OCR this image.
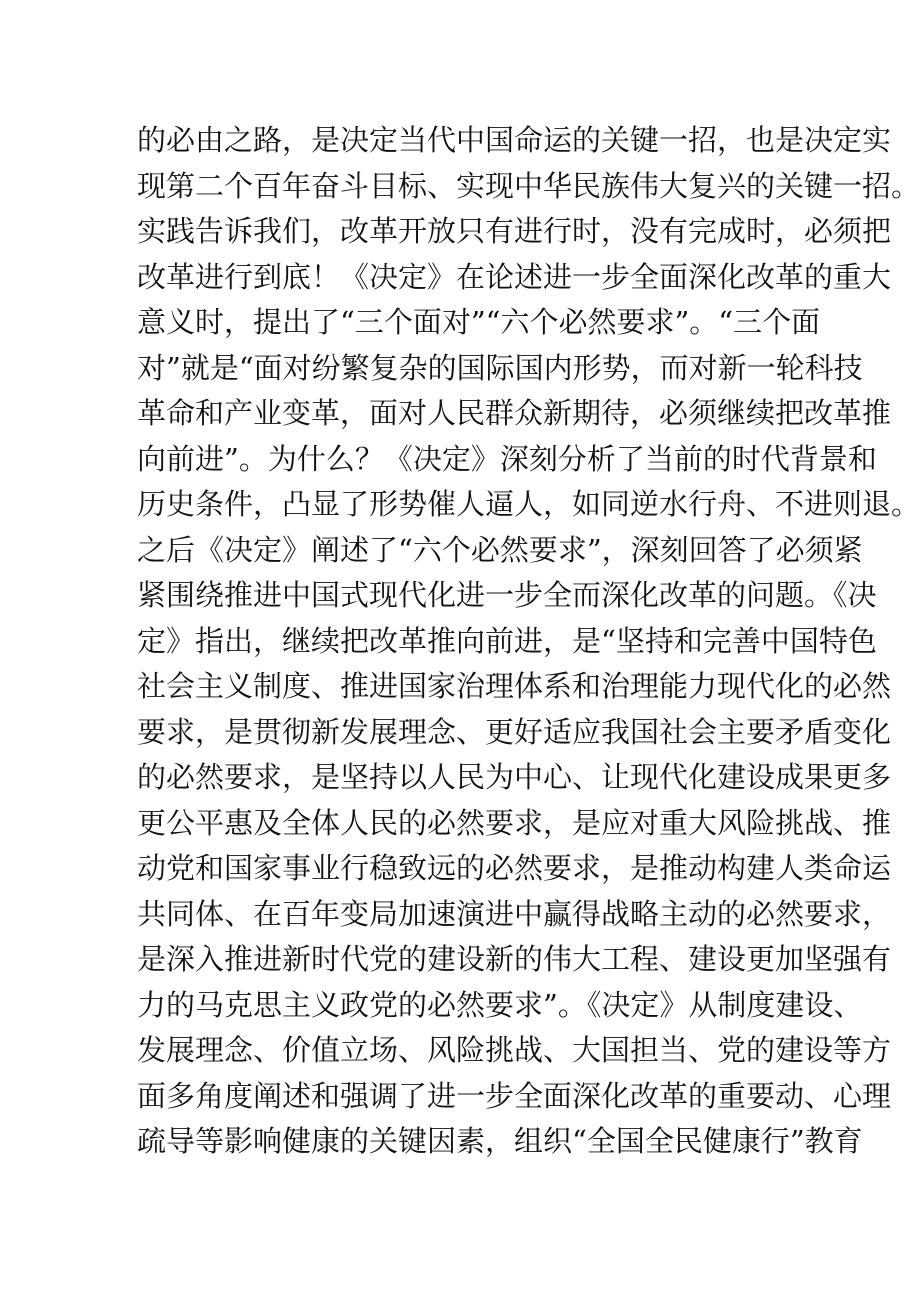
的必由之路，是决定当代中国命运的关键一招，也是决定实
现第二个百年奋斗目标、实现中华民族伟大复兴的关键一招。
实践告诉我们，改革开放只有进行时，没有完成时，必须把
改革进行到底！《决定》在论述进一步全面深化改革的重大
意义时，提出了“三个面对”“六个必然要求”。“三个面
对”就是“面对纷繁复杂的国际国内形势，而对新一轮科技
革命和产业变革，面对人民群众新期待，必须继续把改革推
向前进”。为什么？《决定》深刻分析了当前的时代背景和
历史条件，凸显了形势催人逼人，如同逆水行舟、不进则退。
之后《决定》阐述了“六个必然要求”，深刻回答了必须紧
紧围绕推进中国式现代化进一步全而深化改革的问题。《决
定》指出，继续把改革推向前进，是“坚持和完善中国特色
社会主义制度、推进国家治理体系和治理能力现代化的必然
要求，是贯彻新发展理念、更好适应我国社会主要矛盾变化
的必然要求，是坚持以人民为中心、让现代化建设成果更多
更公平惠及全体人民的必然要求，是应对重大风险挑战、推
动党和国家事业行稳致远的必然要求，是推动构建人类命运
共同体、在百年变局加速演进中赢得战略主动的必然要求，
是深入推进新时代党的建设新的伟大工程、建设更加坚强有
力的马克思主义政党的必然要求”。《决定》从制度建设、
发展理念、价值立场、风险挑战、大国担当、党的建设等方
面多角度阐述和强调了进一步全面深化改革的重要动、心理
疏导等影响健康的关键因素，组织“全国全民健康行”教育
